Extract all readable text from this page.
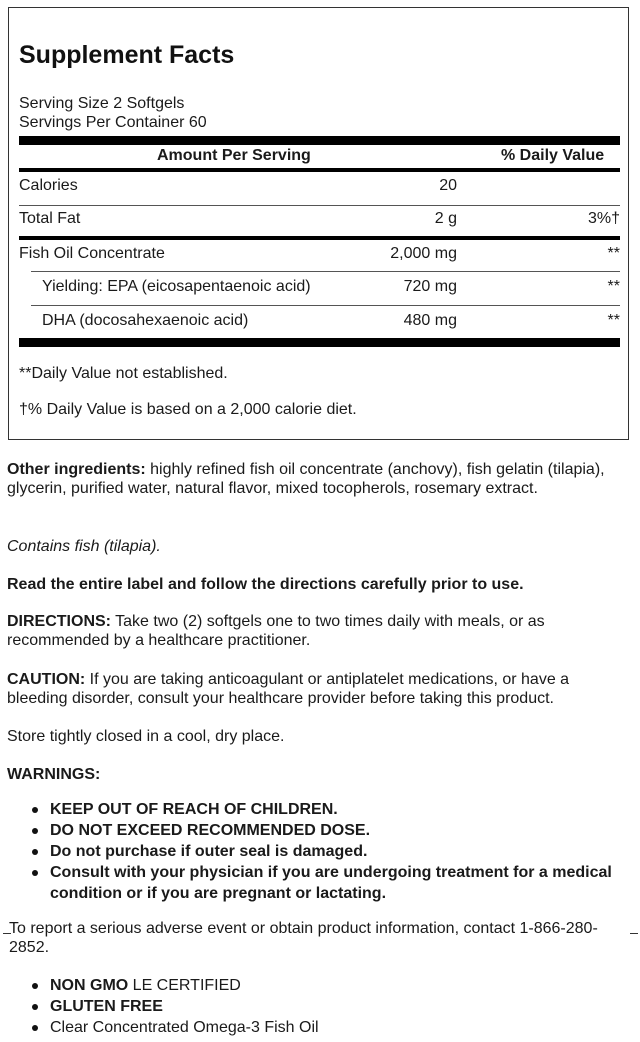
Supplement Facts
Serving Size 2 Softgels
Servings Per Container 60
Amount Per Serving	% Daily Value
Calories	20
Total Fat	2 g	3%†
Fish Oil Concentrate	2,000 mg	**
Yielding: EPA (eicosapentaenoic acid)	720 mg	**
DHA (docosahexaenoic acid)	480 mg	**
**Daily Value not established.
†% Daily Value is based on a 2,000 calorie diet.

Other ingredients: highly refined fish oil concentrate (anchovy), fish gelatin (tilapia), glycerin, purified water, natural flavor, mixed tocopherols, rosemary extract.

Contains fish (tilapia).

Read the entire label and follow the directions carefully prior to use.

DIRECTIONS: Take two (2) softgels one to two times daily with meals, or as recommended by a healthcare practitioner.

CAUTION: If you are taking anticoagulant or antiplatelet medications, or have a bleeding disorder, consult your healthcare provider before taking this product.

Store tightly closed in a cool, dry place.

WARNINGS:

KEEP OUT OF REACH OF CHILDREN.
DO NOT EXCEED RECOMMENDED DOSE.
Do not purchase if outer seal is damaged.
Consult with your physician if you are undergoing treatment for a medical condition or if you are pregnant or lactating.

To report a serious adverse event or obtain product information, contact 1-866-280-2852.

NON GMO LE CERTIFIED
GLUTEN FREE
Clear Concentrated Omega-3 Fish Oil
